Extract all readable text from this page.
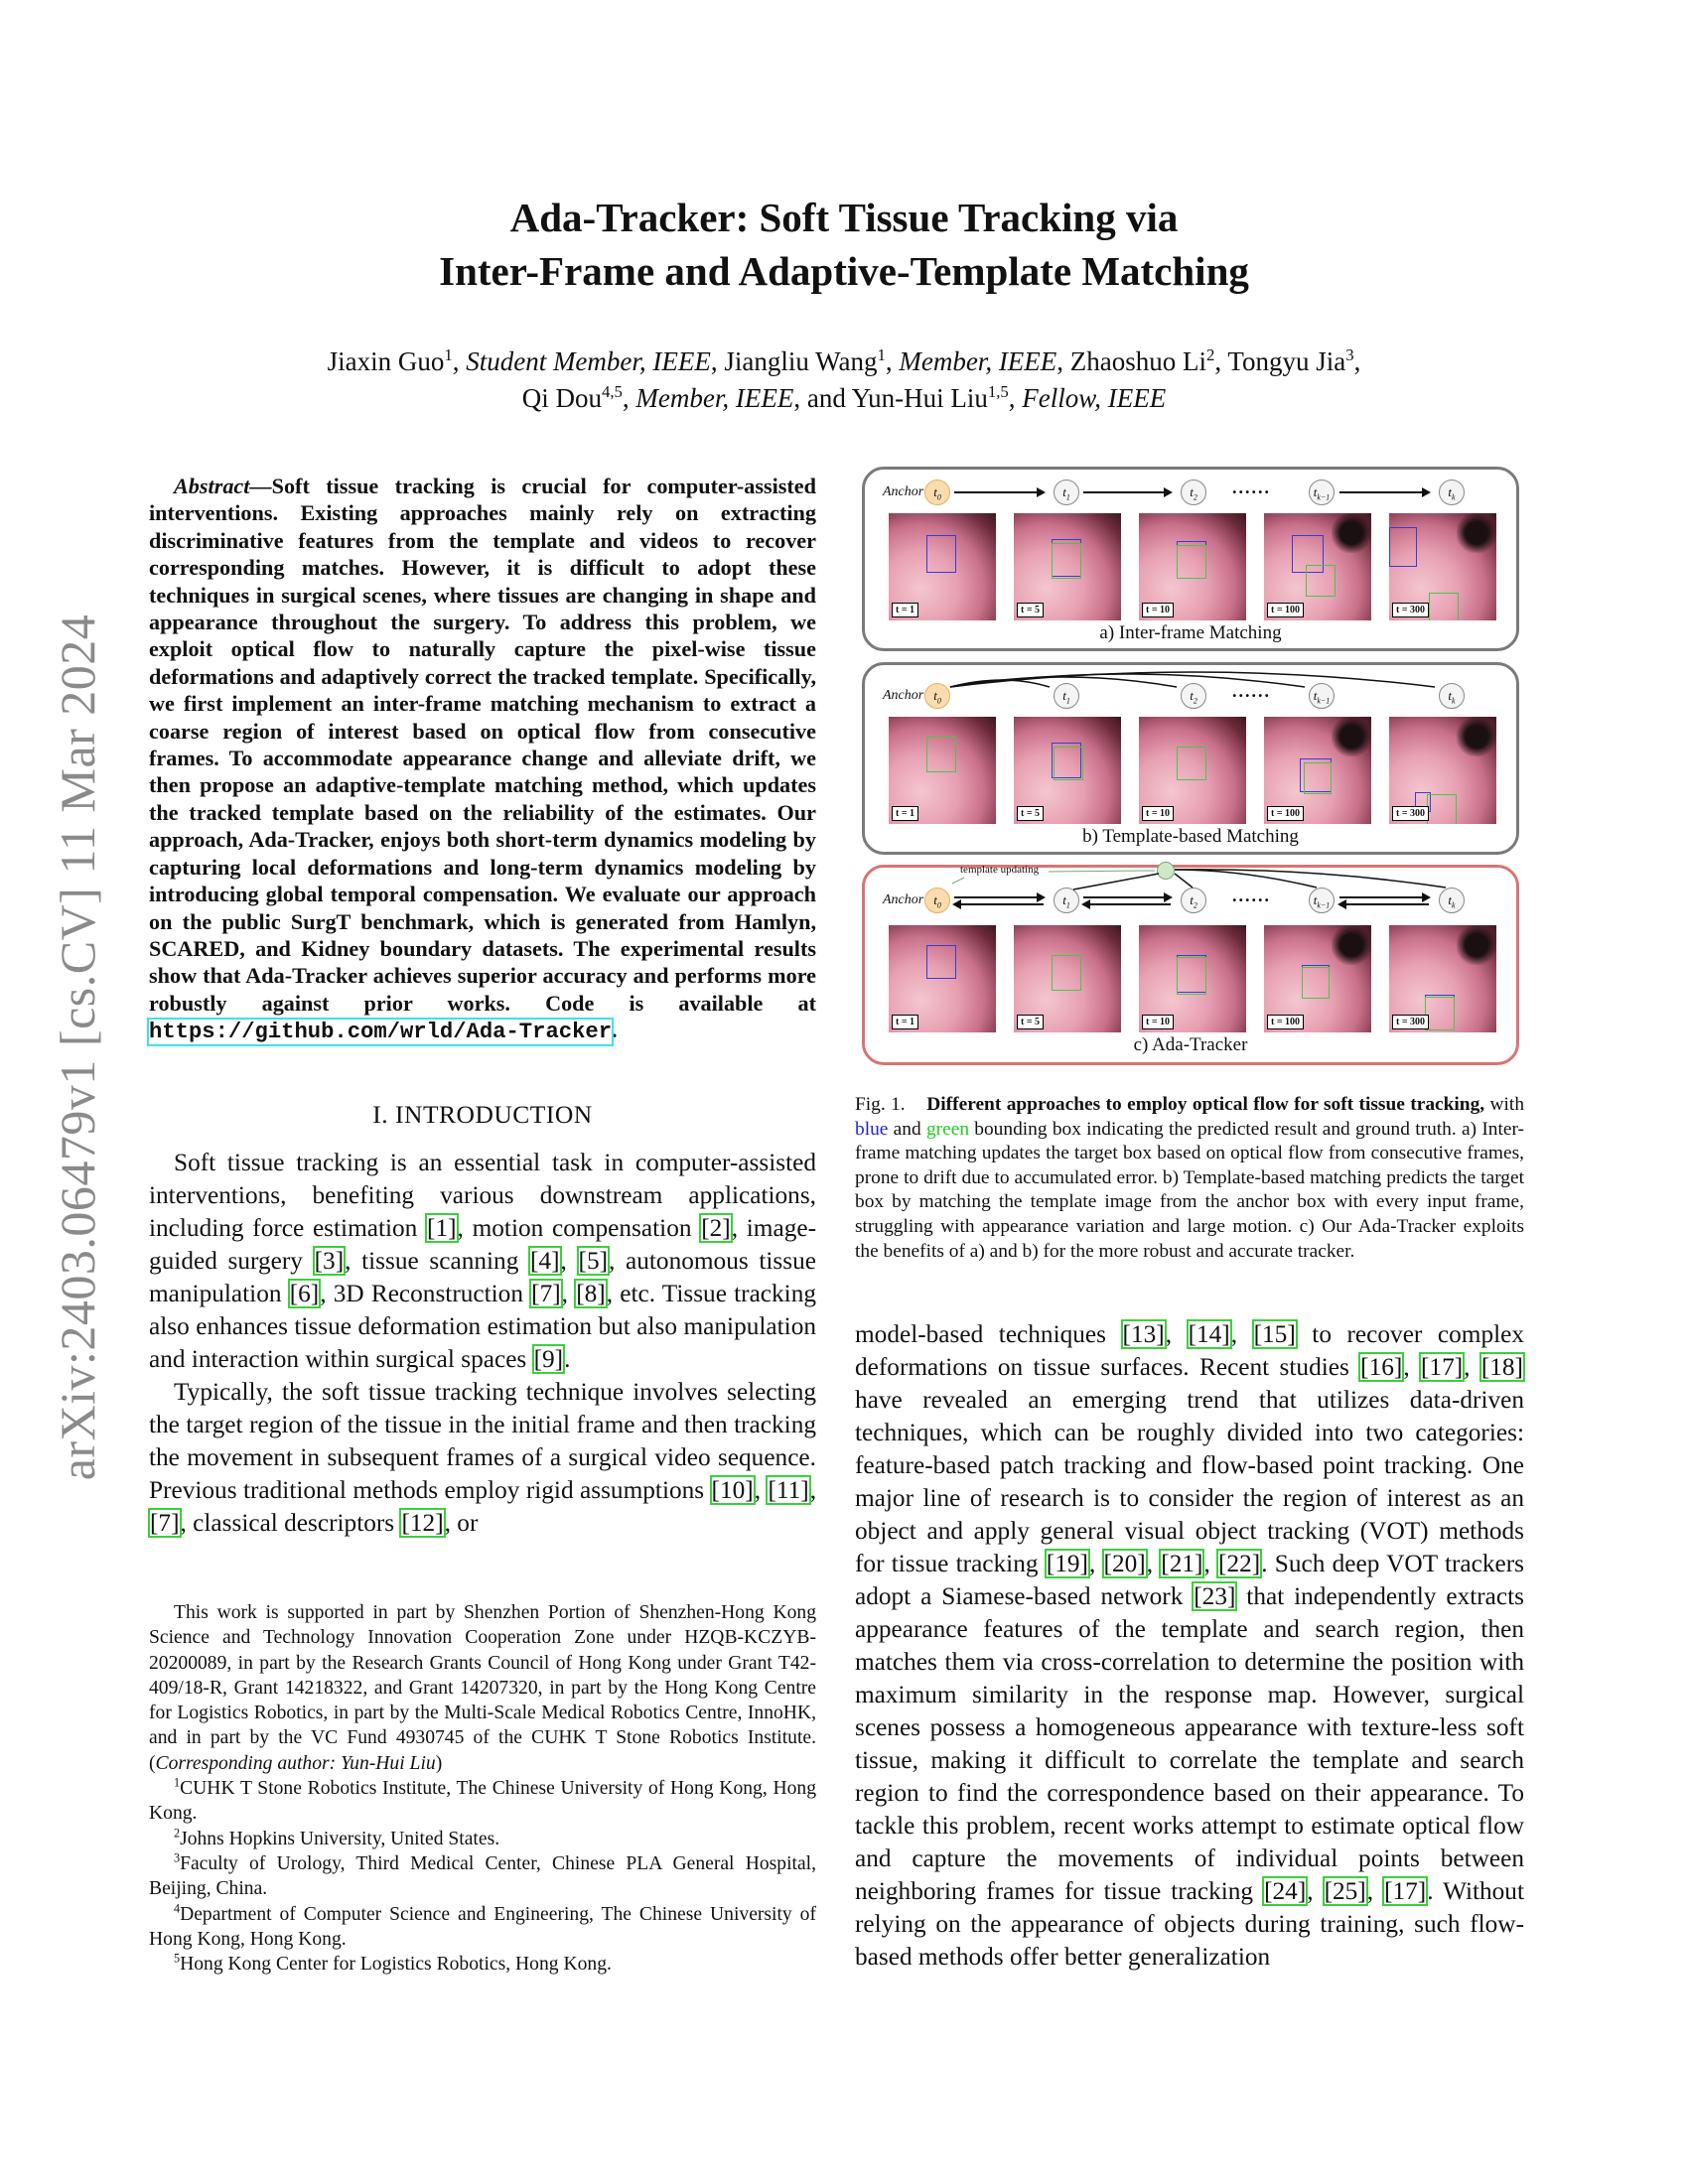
arXiv:2403.06479v1 [cs.CV] 11 Mar 2024
Ada-Tracker: Soft Tissue Tracking via
Inter-Frame and Adaptive-Template Matching
Jiaxin Guo$^1$, Student Member, IEEE, Jiangliu Wang$^1$, Member, IEEE, Zhaoshuo Li$^2$, Tongyu Jia$^3$,
Qi Dou$^{4,5}$, Member, IEEE, and Yun-Hui Liu$^{1,5}$, Fellow, IEEE
Abstract—Soft tissue tracking is crucial for computer-assisted interventions. Existing approaches mainly rely on extracting discriminative features from the template and videos to recover corresponding matches. However, it is difficult to adopt these techniques in surgical scenes, where tissues are changing in shape and appearance throughout the surgery. To address this problem, we exploit optical flow to naturally capture the pixel-wise tissue deformations and adaptively correct the tracked template. Specifically, we first implement an inter-frame matching mechanism to extract a coarse region of interest based on optical flow from consecutive frames. To accommodate appearance change and alleviate drift, we then propose an adaptive-template matching method, which updates the tracked template based on the reliability of the estimates. Our approach, Ada-Tracker, enjoys both short-term dynamics modeling by capturing local deformations and long-term dynamics modeling by introducing global temporal compensation. We evaluate our approach on the public SurgT benchmark, which is generated from Hamlyn, SCARED, and Kidney boundary datasets. The experimental results show that Ada-Tracker achieves superior accuracy and performs more robustly against prior works. Code is available at https://github.com/wrld/Ada-Tracker.
I. INTRODUCTION

Soft tissue tracking is an essential task in computer-assisted interventions, benefiting various downstream applications, including force estimation [1], motion compensation [2], image-guided surgery [3], tissue scanning [4], [5], autonomous tissue manipulation [6], 3D Reconstruction [7], [8], etc. Tissue tracking also enhances tissue deformation estimation but also manipulation and interaction within surgical spaces [9].

Typically, the soft tissue tracking technique involves selecting the target region of the tissue in the initial frame and then tracking the movement in subsequent frames of a surgical video sequence. Previous traditional methods employ rigid assumptions [10], [11], [7], classical descriptors [12], or

This work is supported in part by Shenzhen Portion of Shenzhen-Hong Kong Science and Technology Innovation Cooperation Zone under HZQB-KCZYB-20200089, in part by the Research Grants Council of Hong Kong under Grant T42-409/18-R, Grant 14218322, and Grant 14207320, in part by the Hong Kong Centre for Logistics Robotics, in part by the Multi-Scale Medical Robotics Centre, InnoHK, and in part by the VC Fund 4930745 of the CUHK T Stone Robotics Institute. (Corresponding author: Yun-Hui Liu)

$^1$CUHK T Stone Robotics Institute, The Chinese University of Hong Kong, Hong Kong.

$^2$Johns Hopkins University, United States.

$^3$Faculty of Urology, Third Medical Center, Chinese PLA General Hospital, Beijing, China.

$^4$Department of Computer Science and Engineering, The Chinese University of Hong Kong, Hong Kong.

$^5$Hong Kong Center for Logistics Robotics, Hong Kong.

Anchor $t_0$	$t_1$	$t_2$	$t_{k-1}$	$t_k$
......
t = 1	t = 5	t = 10	t = 100	t = 300
a) Inter-frame Matching
Anchor $t_0$	$t_1$	$t_2$	$t_{k-1}$	$t_k$
......
t = 1	t = 5	t = 10	t = 100	t = 300
b) Template-based Matching
Anchor $t_0$	$t_1$	$t_2$	$t_{k-1}$	$t_k$
......
template updating
t = 1	t = 5	t = 10	t = 100	t = 300
c) Ada-Tracker
Fig. 1. Different approaches to employ optical flow for soft tissue tracking, with blue and green bounding box indicating the predicted result and ground truth. a) Inter-frame matching updates the target box based on optical flow from consecutive frames, prone to drift due to accumulated error. b) Template-based matching predicts the target box by matching the template image from the anchor box with every input frame, struggling with appearance variation and large motion. c) Our Ada-Tracker exploits the benefits of a) and b) for the more robust and accurate tracker.

model-based techniques [13], [14], [15] to recover complex deformations on tissue surfaces. Recent studies [16], [17], [18] have revealed an emerging trend that utilizes data-driven techniques, which can be roughly divided into two categories: feature-based patch tracking and flow-based point tracking. One major line of research is to consider the region of interest as an object and apply general visual object tracking (VOT) methods for tissue tracking [19], [20], [21], [22]. Such deep VOT trackers adopt a Siamese-based network [23] that independently extracts appearance features of the template and search region, then matches them via cross-correlation to determine the position with maximum similarity in the response map. However, surgical scenes possess a homogeneous appearance with texture-less soft tissue, making it difficult to correlate the template and search region to find the correspondence based on their appearance. To tackle this problem, recent works attempt to estimate optical flow and capture the movements of individual points between neighboring frames for tissue tracking [24], [25], [17]. Without relying on the appearance of objects during training, such flow-based methods offer better generalization
